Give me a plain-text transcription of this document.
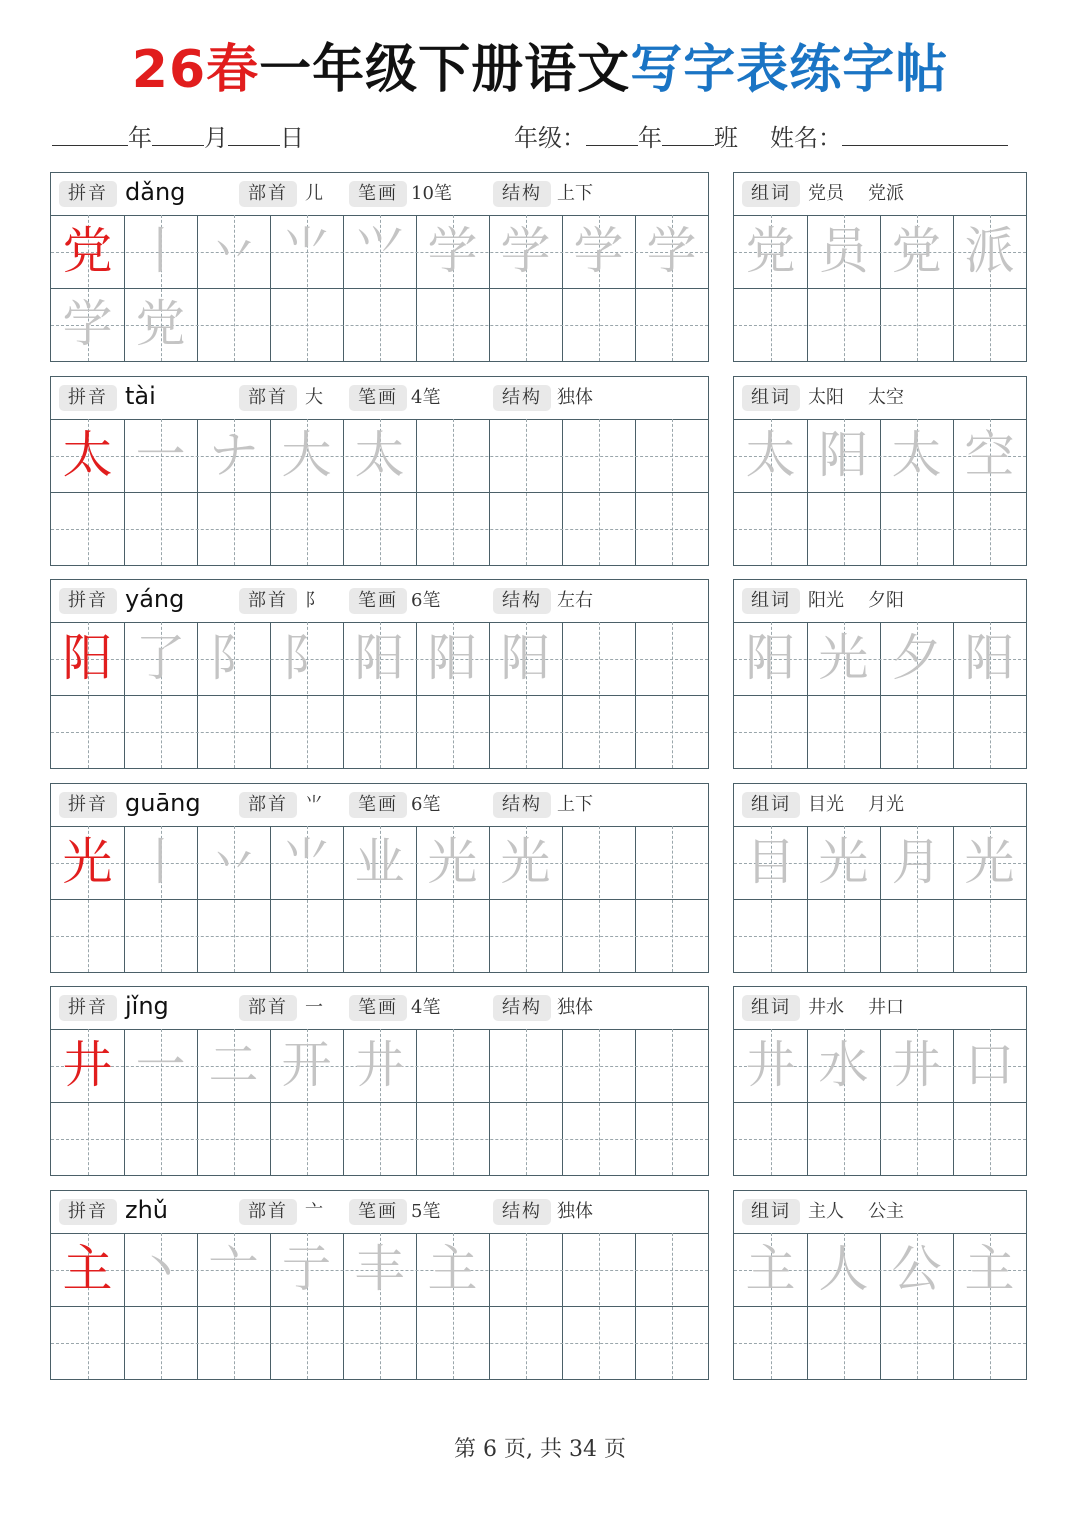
26春一年级下册语文写字表练字帖
年 月 日	年级： 年 班 姓名：
拼音 dǎng	部首 儿	笔画 10笔	结构 上下
党 丨 丷 ⺌ ⺍ 学 学 学 学
学 党
组词 党员 党派
党 员 党 派
拼音 tài	部首 大	笔画 4笔	结构 独体
太 一 ナ 大 太
组词 太阳 太空
太 阳 太 空
拼音 yáng	部首 阝	笔画 6笔	结构 左右
阳 了 阝 阝 阳 阳 阳
组词 阳光 夕阳
阳 光 夕 阳
拼音 guāng	部首 ⺌	笔画 6笔	结构 上下
光 丨 丷 ⺌ 业 光 光
组词 目光 月光
目 光 月 光
拼音 jǐng	部首 一	笔画 4笔	结构 独体
井 一 二 开 井
组词 井水 井口
井 水 井 口
拼音 zhǔ	部首 亠	笔画 5笔	结构 独体
主 丶 亠 亍 丰 主
组词 主人 公主
主 人 公 主
第 6 页, 共 34 页
